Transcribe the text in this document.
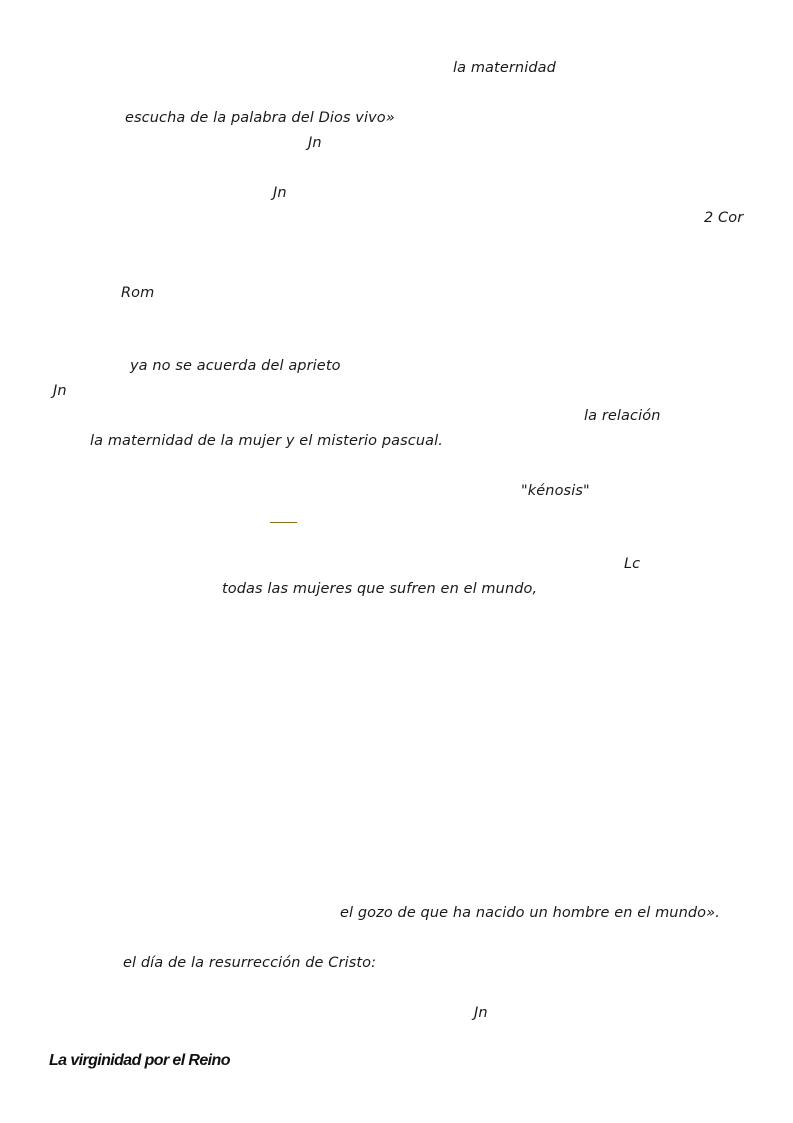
la maternidad
escucha de la palabra del Dios vivo»
Jn
Jn
2 Cor
Rom
ya no se acuerda del aprieto
Jn
la relación
la maternidad de la mujer y el misterio pascual.
"kénosis"
Lc
todas las mujeres que sufren en el mundo,
el gozo de que ha nacido un hombre en el mundo».
el día de la resurrección de Cristo:
Jn
La virginidad por el Reino
